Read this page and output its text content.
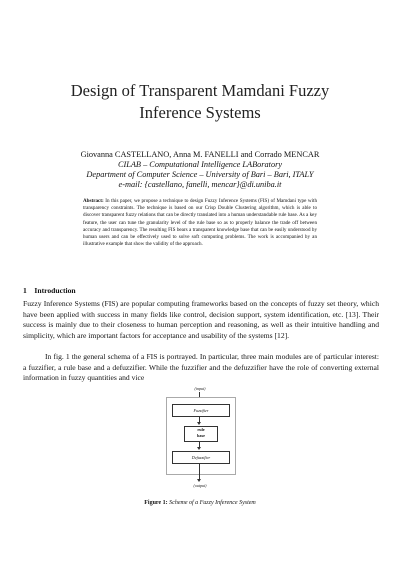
Design of Transparent Mamdani Fuzzy
Inference Systems
Giovanna CASTELLANO, Anna M. FANELLI and Corrado MENCAR
CILAB – Computational Intelligence LABoratory
Department of Computer Science – University of Bari – Bari, ITALY
e-mail: {castellano, fanelli, mencar}@di.uniba.it
Abstract: In this paper, we propose a technique to design Fuzzy Inference Systems (FIS) of Mamdani type with transparency constraints. The technique is based on our Crisp Double Clustering algorithm, which is able to discover transparent fuzzy relations that can be directly translated into a human understandable rule base. As a key feature, the user can tune the granularity level of the rule base so as to properly balance the trade off between accuracy and transparency. The resulting FIS bears a transparent knowledge base that can be easily understood by human users and can be effectively used to solve soft computing problems. The work is accompanied by an illustrative example that show the validity of the approach.
1 Introduction
Fuzzy Inference Systems (FIS) are popular computing frameworks based on the concepts of fuzzy set theory, which have been applied with success in many fields like control, decision support, system identification, etc. [13]. Their success is mainly due to their closeness to human perception and reasoning, as well as their intuitive handling and simplicity, which are important factors for acceptance and usability of the systems [12].
In fig. 1 the general schema of a FIS is portrayed. In particular, three main modules are of particular interest: a fuzzifier, a rule base and a defuzzifier. While the fuzzifier and the defuzzifier have the role of converting external information in fuzzy quantities and vice
(input)
Fuzzifier
rule
base
Defuzzifier
(output)
Figure 1: Scheme of a Fuzzy Inference System
